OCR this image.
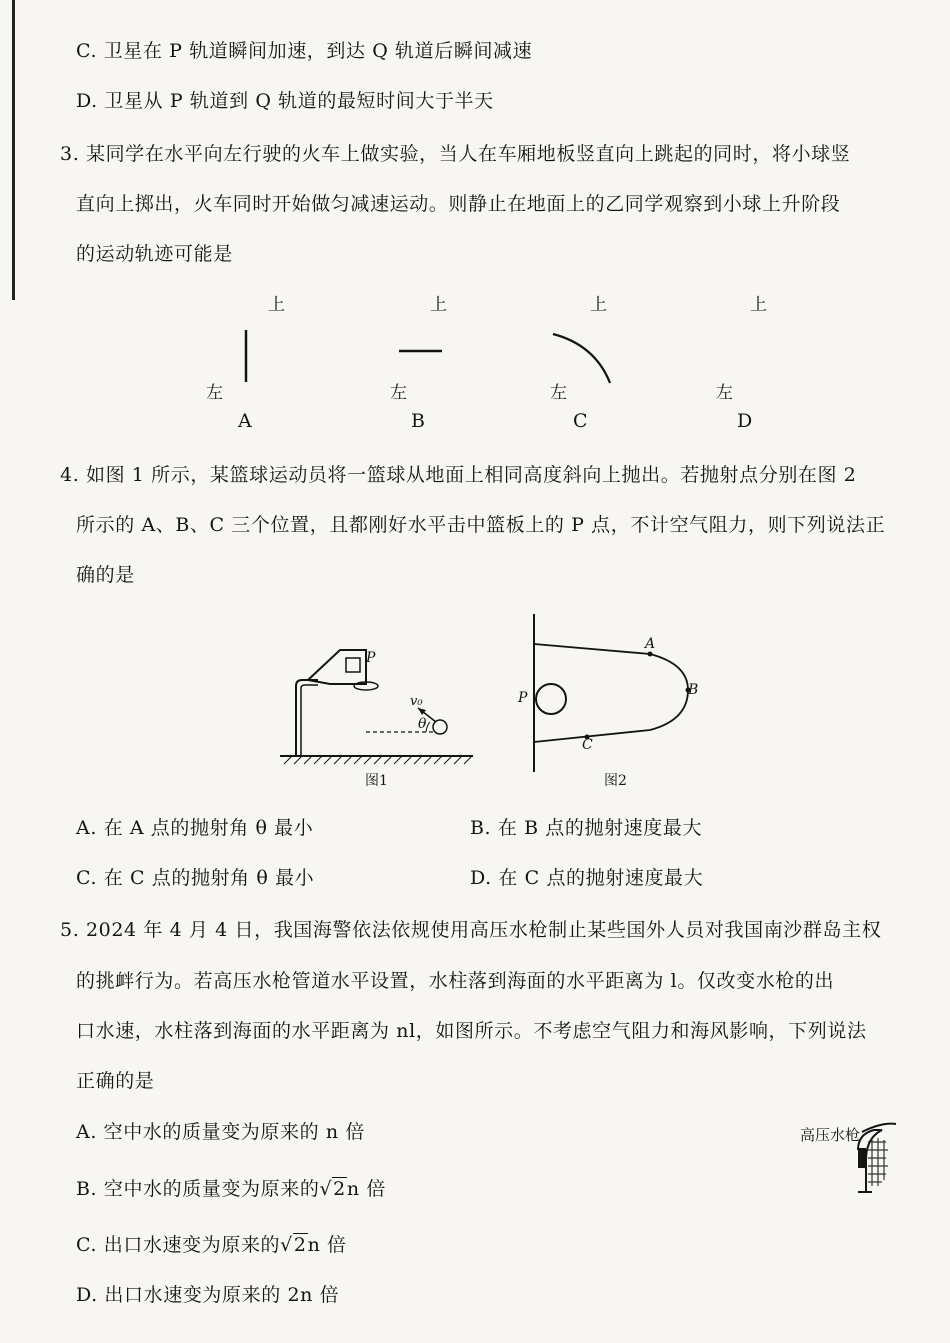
C. 卫星在 P 轨道瞬间加速，到达 Q 轨道后瞬间减速
D. 卫星从 P 轨道到 Q 轨道的最短时间大于半天
3. 某同学在水平向左行驶的火车上做实验，当人在车厢地板竖直向上跳起的同时，将小球竖
直向上掷出，火车同时开始做匀减速运动。则静止在地面上的乙同学观察到小球上升阶段
的运动轨迹可能是
上
左
A
上
左
B
上
左
C
上
左
D
4. 如图 1 所示，某篮球运动员将一篮球从地面上相同高度斜向上抛出。若抛射点分别在图 2
所示的 A、B、C 三个位置，且都刚好水平击中篮板上的 P 点，不计空气阻力，则下列说法正
确的是
P
v₀
θ
图1
P
A
B
C
图2
A. 在 A 点的抛射角 θ 最小	B. 在 B 点的抛射速度最大
C. 在 C 点的抛射角 θ 最小	D. 在 C 点的抛射速度最大
5. 2024 年 4 月 4 日，我国海警依法依规使用高压水枪制止某些国外人员对我国南沙群岛主权
的挑衅行为。若高压水枪管道水平设置，水柱落到海面的水平距离为 l。仅改变水枪的出
口水速，水柱落到海面的水平距离为 nl，如图所示。不考虑空气阻力和海风影响，下列说法
正确的是
A. 空中水的质量变为原来的 n 倍
B. 空中水的质量变为原来的√2n 倍
C. 出口水速变为原来的√2n 倍
D. 出口水速变为原来的 2n 倍
高压水枪
